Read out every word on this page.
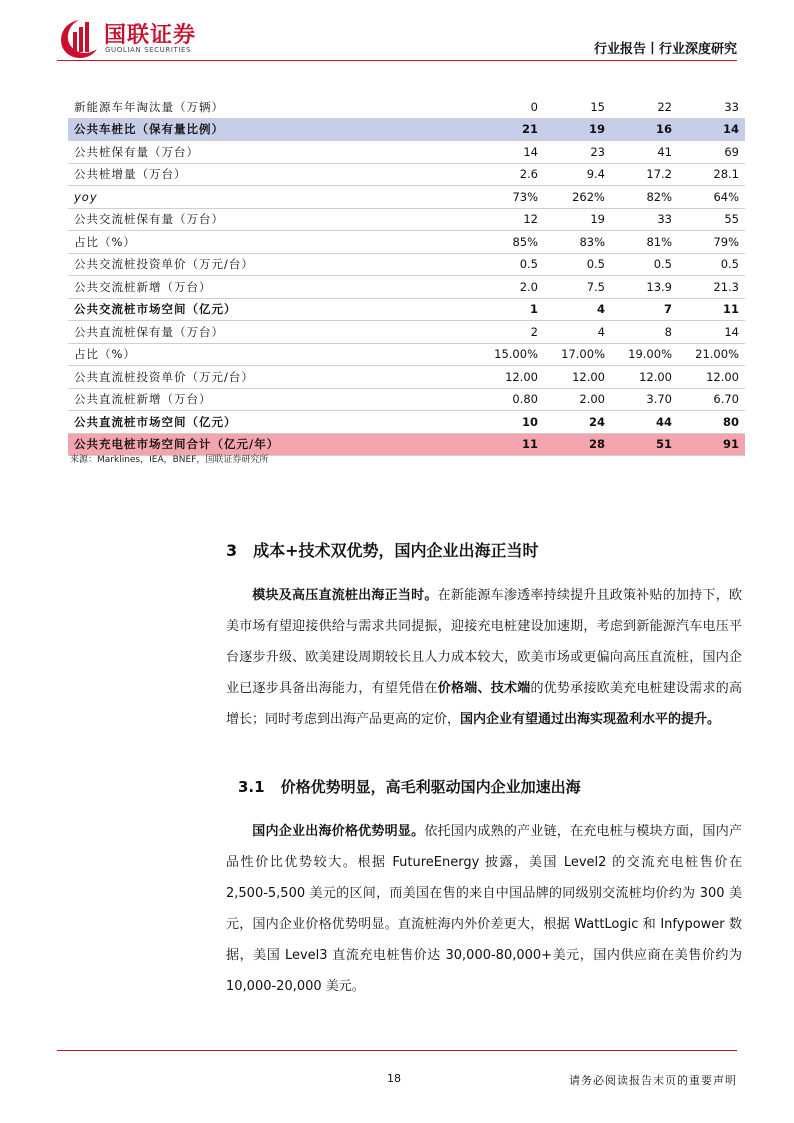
国联证券
GUOLIAN SECURITIES	行业报告丨行业深度研究
新能源车年淘汰量（万辆）	0	15	22	33
公共车桩比（保有量比例）	21	19	16	14
公共桩保有量（万台）	14	23	41	69
公共桩增量（万台）	2.6	9.4	17.2	28.1
yoy	73%	262%	82%	64%
公共交流桩保有量（万台）	12	19	33	55
占比（%）	85%	83%	81%	79%
公共交流桩投资单价（万元/台）	0.5	0.5	0.5	0.5
公共交流桩新增（万台）	2.0	7.5	13.9	21.3
公共交流桩市场空间（亿元）	1	4	7	11
公共直流桩保有量（万台）	2	4	8	14
占比（%）	15.00%	17.00%	19.00%	21.00%
公共直流桩投资单价（万元/台）	12.00	12.00	12.00	12.00
公共直流桩新增（万台）	0.80	2.00	3.70	6.70
公共直流桩市场空间（亿元）	10	24	44	80
公共充电桩市场空间合计（亿元/年）	11	28	51	91
来源：Marklines，IEA，BNEF，国联证券研究所
3 成本+技术双优势，国内企业出海正当时
模块及高压直流桩出海正当时。在新能源车渗透率持续提升且政策补贴的加持下，欧美市场有望迎接供给与需求共同提振，迎接充电桩建设加速期，考虑到新能源汽车电压平台逐步升级、欧美建设周期较长且人力成本较大，欧美市场或更偏向高压直流桩，国内企业已逐步具备出海能力，有望凭借在价格端、技术端的优势承接欧美充电桩建设需求的高增长；同时考虑到出海产品更高的定价，国内企业有望通过出海实现盈利水平的提升。
3.1 价格优势明显，高毛利驱动国内企业加速出海
国内企业出海价格优势明显。依托国内成熟的产业链，在充电桩与模块方面，国内产品性价比优势较大。根据 FutureEnergy 披露，美国 Level2 的交流充电桩售价在 2,500-5,500 美元的区间，而美国在售的来自中国品牌的同级别交流桩均价约为 300 美元，国内企业价格优势明显。直流桩海内外价差更大，根据 WattLogic 和 Infypower 数据，美国 Level3 直流充电桩售价达 30,000-80,000+美元，国内供应商在美售价约为 10,000-20,000 美元。
18	请务必阅读报告末页的重要声明
